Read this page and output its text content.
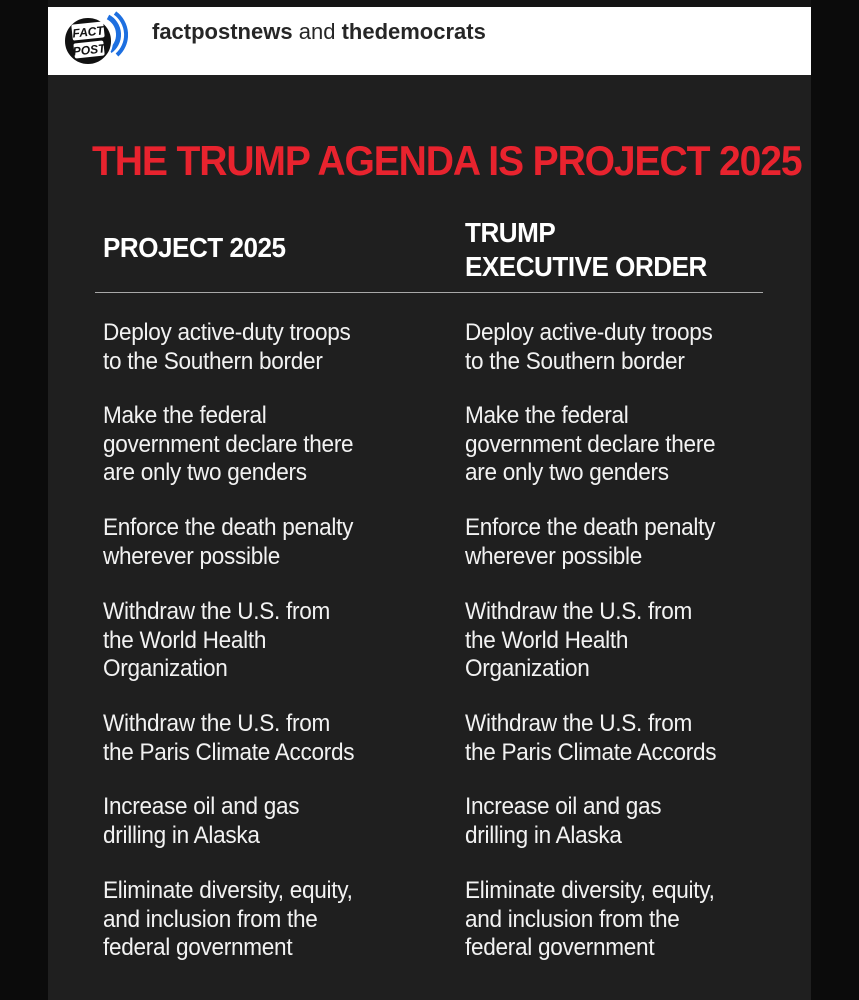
FACT
POST
factpostnews and thedemocrats
THE TRUMP AGENDA IS PROJECT 2025
PROJECT 2025	TRUMP
EXECUTIVE ORDER
Deploy active-duty troops
to the Southern border
Deploy active-duty troops
to the Southern border
Make the federal
government declare there
are only two genders
Make the federal
government declare there
are only two genders
Enforce the death penalty
wherever possible
Enforce the death penalty
wherever possible
Withdraw the U.S. from
the World Health
Organization
Withdraw the U.S. from
the World Health
Organization
Withdraw the U.S. from
the Paris Climate Accords
Withdraw the U.S. from
the Paris Climate Accords
Increase oil and gas
drilling in Alaska
Increase oil and gas
drilling in Alaska
Eliminate diversity, equity,
and inclusion from the
federal government
Eliminate diversity, equity,
and inclusion from the
federal government
